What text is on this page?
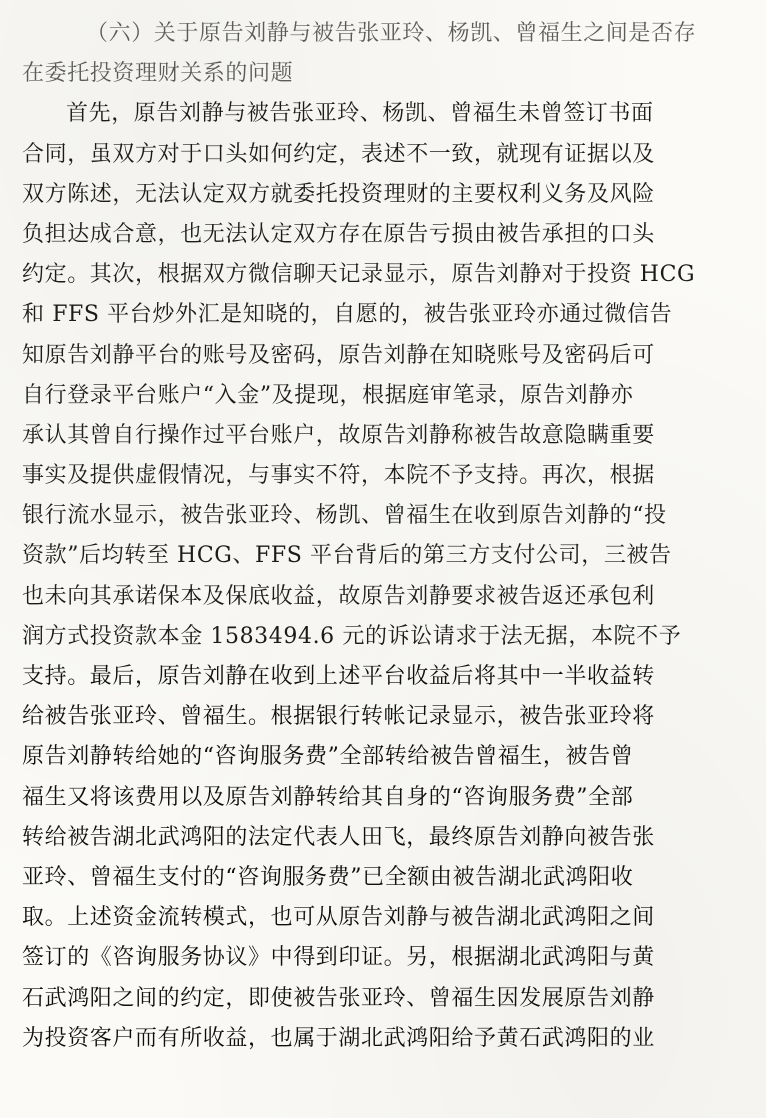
（六）关于原告刘静与被告张亚玲、杨凯、曾福生之间是否存
在委托投资理财关系的问题
首先，原告刘静与被告张亚玲、杨凯、曾福生未曾签订书面
合同，虽双方对于口头如何约定，表述不一致，就现有证据以及
双方陈述，无法认定双方就委托投资理财的主要权利义务及风险
负担达成合意，也无法认定双方存在原告亏损由被告承担的口头
约定。其次，根据双方微信聊天记录显示，原告刘静对于投资 HCG
和 FFS 平台炒外汇是知晓的，自愿的，被告张亚玲亦通过微信告
知原告刘静平台的账号及密码，原告刘静在知晓账号及密码后可
自行登录平台账户“入金”及提现，根据庭审笔录，原告刘静亦
承认其曾自行操作过平台账户，故原告刘静称被告故意隐瞒重要
事实及提供虚假情况，与事实不符，本院不予支持。再次，根据
银行流水显示，被告张亚玲、杨凯、曾福生在收到原告刘静的“投
资款”后均转至 HCG、FFS 平台背后的第三方支付公司，三被告
也未向其承诺保本及保底收益，故原告刘静要求被告返还承包利
润方式投资款本金 1583494.6 元的诉讼请求于法无据，本院不予
支持。最后，原告刘静在收到上述平台收益后将其中一半收益转
给被告张亚玲、曾福生。根据银行转帐记录显示，被告张亚玲将
原告刘静转给她的“咨询服务费”全部转给被告曾福生，被告曾
福生又将该费用以及原告刘静转给其自身的“咨询服务费”全部
转给被告湖北武鸿阳的法定代表人田飞，最终原告刘静向被告张
亚玲、曾福生支付的“咨询服务费”已全额由被告湖北武鸿阳收
取。上述资金流转模式，也可从原告刘静与被告湖北武鸿阳之间
签订的《咨询服务协议》中得到印证。另，根据湖北武鸿阳与黄
石武鸿阳之间的约定，即使被告张亚玲、曾福生因发展原告刘静
为投资客户而有所收益，也属于湖北武鸿阳给予黄石武鸿阳的业
